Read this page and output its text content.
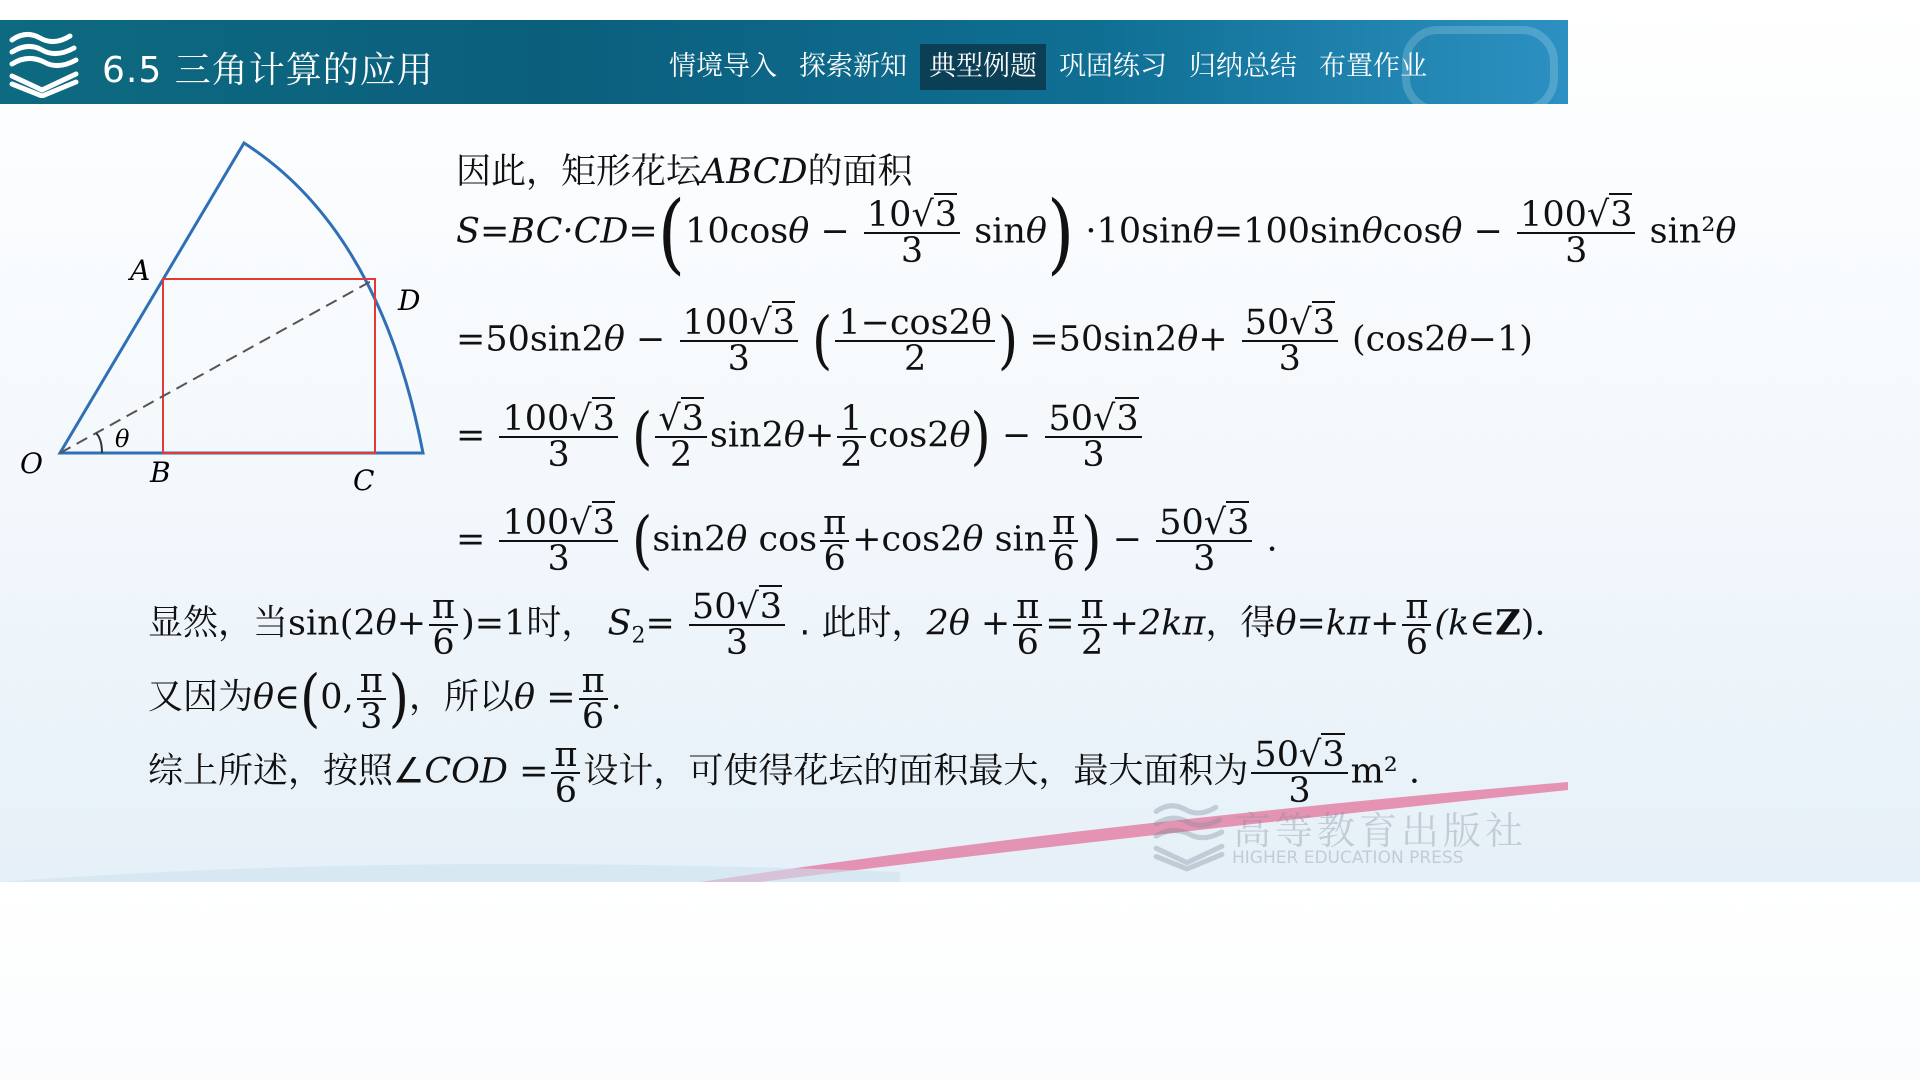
6.5 三角计算的应用	情境导入 探索新知 典型例题 巩固练习 归纳总结 布置作业
A
D
O	B	C
θ
因此，矩形花坛ABCD的面积
$S=BC\cdot CD=(10\cos\theta - \frac{10√3}{3} \sin\theta) \cdot 10\sin\theta=100\sin\theta\cos\theta - \frac{100√3}{3} \sin^2\theta$
$=50\sin 2\theta - \frac{100√3}{3}$ ( $\frac{1-\cos 2\theta}{2}$ ) $=50\sin 2\theta+ \frac{50√3}{3} (\cos 2\theta-1)$
= $\frac{100√3}{3}$ ( $\frac{√3}{2} \sin 2\theta+ \frac{1}{2} \cos 2\theta) - \frac{50√3}{3}$
= $\frac{100√3}{3} (\sin 2\theta$ $\cos \frac{\pi}{6} +\cos 2\theta$ $\sin \frac{\pi}{6}$ ) − $\frac{50√3}{3}$ .
显然，当$\sin(2\theta+ \frac{\pi}{6} )=1$时， $S_2= \frac{50√3}{3}$ . 此时，$2\theta + \frac{\pi}{6} = \frac{\pi}{2} +2k\pi$，得$\theta=k\pi+ \frac{\pi}{6}$ (k∈Z).
又因为θ∈(0, $\frac{\pi}{3}$ )，所以$\theta = \frac{\pi}{6}$ .
综上所述，按照∠COD = $\frac{\pi}{6}$ 设计，可使得花坛的面积最大，最大面积为 $\frac{50√3}{3} m^2$ .
高等教育出版社
HIGHER EDUCATION PRESS
